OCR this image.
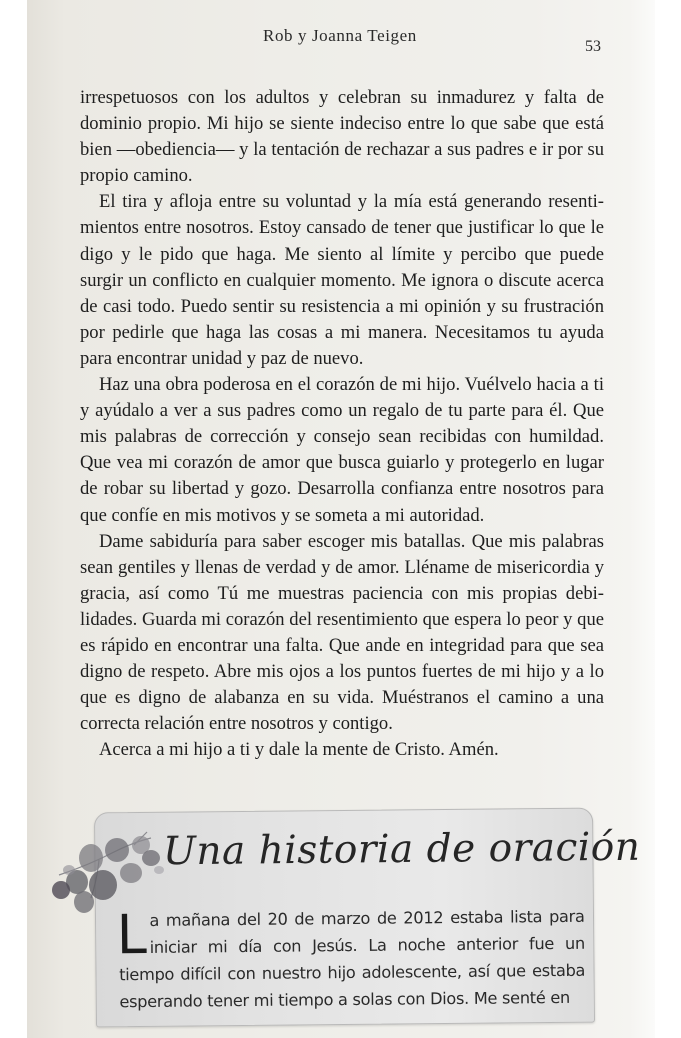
Rob y Joanna Teigen
53

irrespetuosos con los adultos y celebran su inmadurez y falta de dominio propio. Mi hijo se siente indeciso entre lo que sabe que está bien —obediencia— y la tentación de rechazar a sus padres e ir por su propio camino.

El tira y afloja entre su voluntad y la mía está generando resentimientos entre nosotros. Estoy cansado de tener que justificar lo que le digo y le pido que haga. Me siento al límite y percibo que puede surgir un conflicto en cualquier momento. Me ignora o discute acerca de casi todo. Puedo sentir su resistencia a mi opinión y su frustración por pedirle que haga las cosas a mi manera. Necesitamos tu ayuda para encontrar unidad y paz de nuevo.

Haz una obra poderosa en el corazón de mi hijo. Vuélvelo hacia a ti y ayúdalo a ver a sus padres como un regalo de tu parte para él. Que mis palabras de corrección y consejo sean recibidas con humildad. Que vea mi corazón de amor que busca guiarlo y protegerlo en lugar de robar su libertad y gozo. Desarrolla confianza entre nosotros para que confíe en mis motivos y se someta a mi autoridad.

Dame sabiduría para saber escoger mis batallas. Que mis palabras sean gentiles y llenas de verdad y de amor. Lléname de misericordia y gracia, así como Tú me muestras paciencia con mis propias debilidades. Guarda mi corazón del resentimiento que espera lo peor y que es rápido en encontrar una falta. Que ande en integridad para que sea digno de respeto. Abre mis ojos a los puntos fuertes de mi hijo y a lo que es digno de alabanza en su vida. Muéstranos el camino a una correcta relación entre nosotros y contigo.

Acerca a mi hijo a ti y dale la mente de Cristo. Amén.

Una historia de oración
L a mañana del 20 de marzo de 2012 estaba lista para iniciar mi día con Jesús. La noche anterior fue un tiempo difícil con nuestro hijo adolescente, así que estaba esperando tener mi tiempo a solas con Dios. Me senté en
